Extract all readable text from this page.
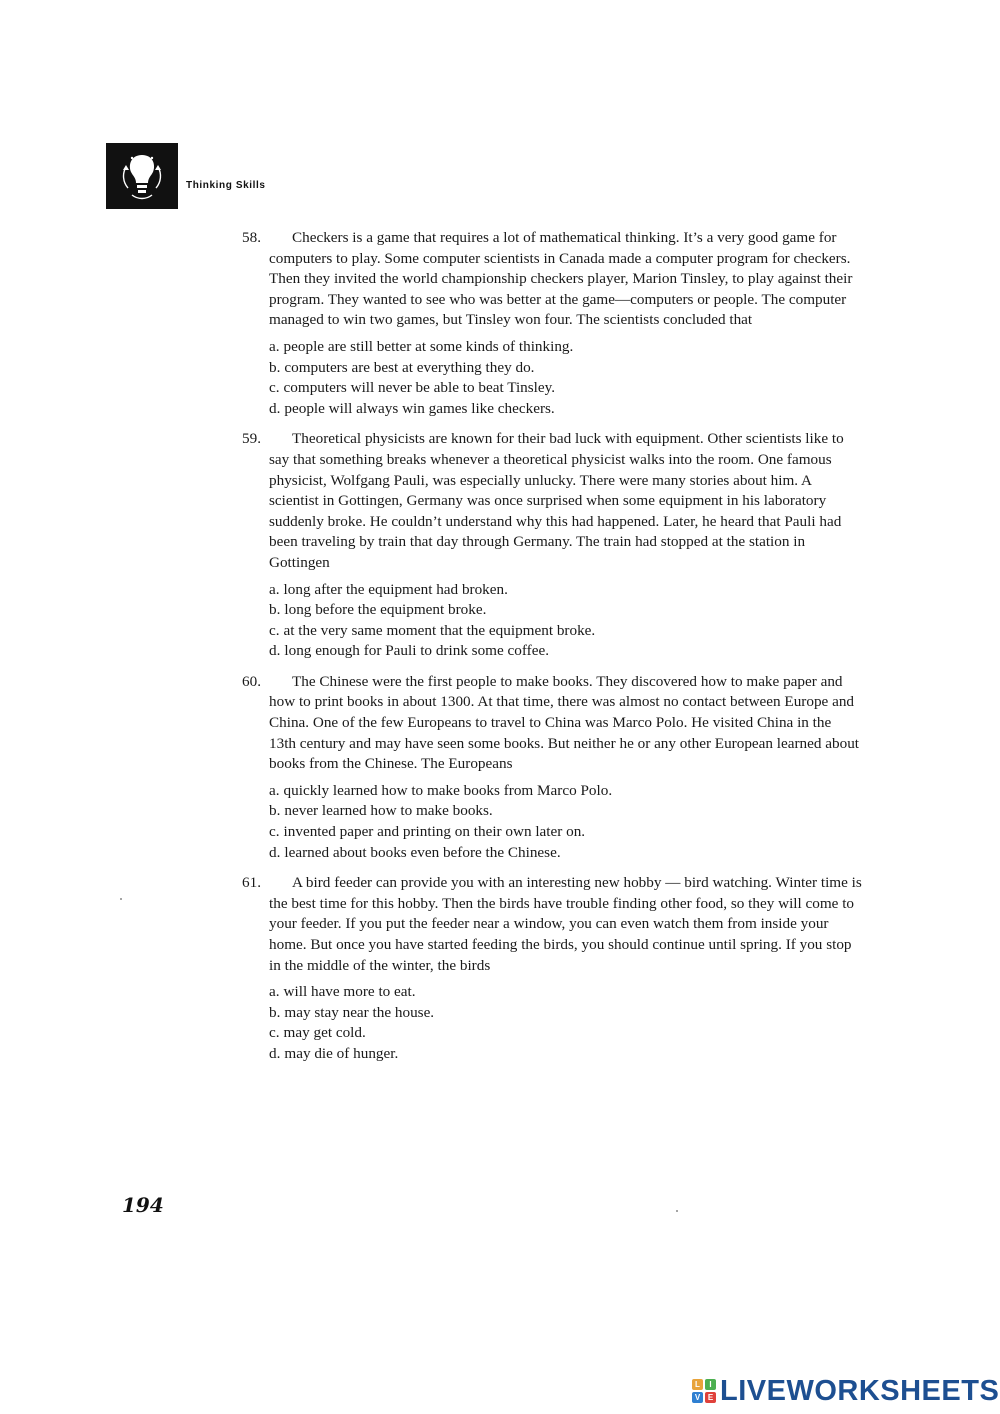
Thinking Skills
58.	Checkers is a game that requires a lot of mathematical thinking. It’s a very good game for computers to play. Some computer scientists in Canada made a computer program for checkers. Then they invited the world championship checkers player, Marion Tinsley, to play against their program. They wanted to see who was better at the game—computers or people. The computer managed to win two games, but Tinsley won four. The scientists concluded that
a. people are still better at some kinds of thinking.
b. computers are best at everything they do.
c. computers will never be able to beat Tinsley.
d. people will always win games like checkers.
59.	Theoretical physicists are known for their bad luck with equipment. Other scientists like to say that something breaks whenever a theoretical physicist walks into the room. One famous physicist, Wolfgang Pauli, was especially unlucky. There were many stories about him. A scientist in Gottingen, Germany was once surprised when some equipment in his laboratory suddenly broke. He couldn’t understand why this had happened. Later, he heard that Pauli had been traveling by train that day through Germany. The train had stopped at the station in Gottingen
a. long after the equipment had broken.
b. long before the equipment broke.
c. at the very same moment that the equipment broke.
d. long enough for Pauli to drink some coffee.
60.	The Chinese were the first people to make books. They discovered how to make paper and how to print books in about 1300. At that time, there was almost no contact between Europe and China. One of the few Europeans to travel to China was Marco Polo. He visited China in the 13th century and may have seen some books. But neither he or any other European learned about books from the Chinese. The Europeans
a. quickly learned how to make books from Marco Polo.
b. never learned how to make books.
c. invented paper and printing on their own later on.
d. learned about books even before the Chinese.
61.	A bird feeder can provide you with an interesting new hobby — bird watching. Winter time is the best time for this hobby. Then the birds have trouble finding other food, so they will come to your feeder. If you put the feeder near a window, you can even watch them from inside your home. But once you have started feeding the birds, you should continue until spring. If you stop in the middle of the winter, the birds
a. will have more to eat.
b. may stay near the house.
c. may get cold.
d. may die of hunger.
194
L	I
V E LIVEWORKSHEETS
